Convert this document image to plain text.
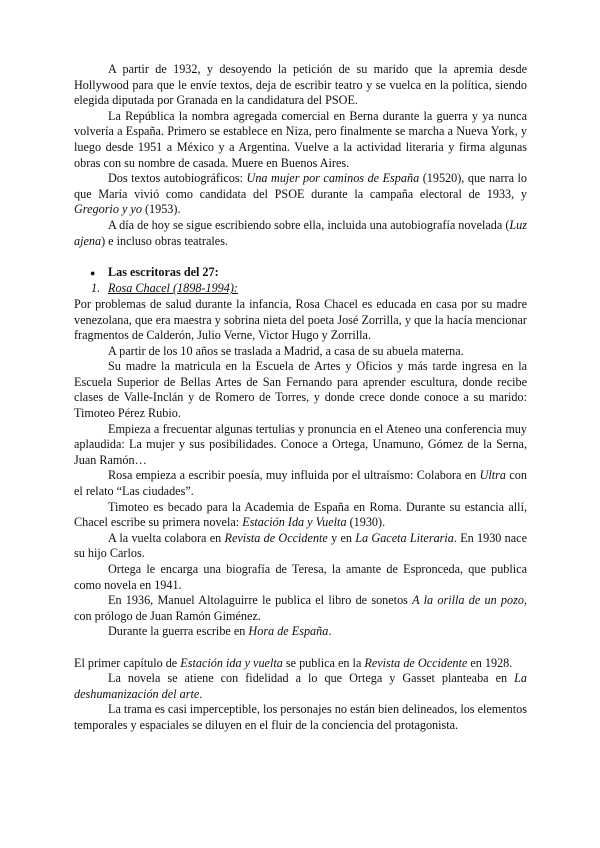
A partir de 1932, y desoyendo la petición de su marido que la apremia desde Hollywood para que le envíe textos, deja de escribir teatro y se vuelca en la política, siendo elegida diputada por Granada en la candidatura del PSOE.

La República la nombra agregada comercial en Berna durante la guerra y ya nunca volvería a España. Primero se establece en Niza, pero finalmente se marcha a Nueva York, y luego desde 1951 a México y a Argentina. Vuelve a la actividad literaria y firma algunas obras con su nombre de casada. Muere en Buenos Aires.

Dos textos autobiográficos: Una mujer por caminos de España (19520), que narra lo que María vivió como candidata del PSOE durante la campaña electoral de 1933, y Gregorio y yo (1953).

A día de hoy se sigue escribiendo sobre ella, incluida una autobiografía novelada (Luz ajena) e incluso obras teatrales.

●	Las escritoras del 27:
1. Rosa Chacel (1898-1994):

Por problemas de salud durante la infancia, Rosa Chacel es educada en casa por su madre venezolana, que era maestra y sobrina nieta del poeta José Zorrilla, y que la hacía mencionar fragmentos de Calderón, Julio Verne, Victor Hugo y Zorrilla.

A partir de los 10 años se traslada a Madrid, a casa de su abuela materna.

Su madre la matricula en la Escuela de Artes y Oficios y más tarde ingresa en la Escuela Superior de Bellas Artes de San Fernando para aprender escultura, donde recibe clases de Valle-Inclán y de Romero de Torres, y donde crece donde conoce a su marido: Timoteo Pérez Rubio.

Empieza a frecuentar algunas tertulias y pronuncia en el Ateneo una conferencia muy aplaudida: La mujer y sus posibilidades. Conoce a Ortega, Unamuno, Gómez de la Serna, Juan Ramón…

Rosa empieza a escribir poesía, muy influida por el ultraísmo: Colabora en Ultra con el relato “Las ciudades”.

Timoteo es becado para la Academia de España en Roma. Durante su estancia allí, Chacel escribe su primera novela: Estación Ida y Vuelta (1930).

A la vuelta colabora en Revista de Occidente y en La Gaceta Literaria. En 1930 nace su hijo Carlos.

Ortega le encarga una biografía de Teresa, la amante de Espronceda, que publica como novela en 1941.

En 1936, Manuel Altolaguirre le publica el libro de sonetos A la orilla de un pozo, con prólogo de Juan Ramón Giménez.

Durante la guerra escribe en Hora de España.

El primer capítulo de Estación ida y vuelta se publica en la Revista de Occidente en 1928.

La novela se atiene con fidelidad a lo que Ortega y Gasset planteaba en La deshumanización del arte.

La trama es casi imperceptible, los personajes no están bien delineados, los elementos temporales y espaciales se diluyen en el fluir de la conciencia del protagonista.
